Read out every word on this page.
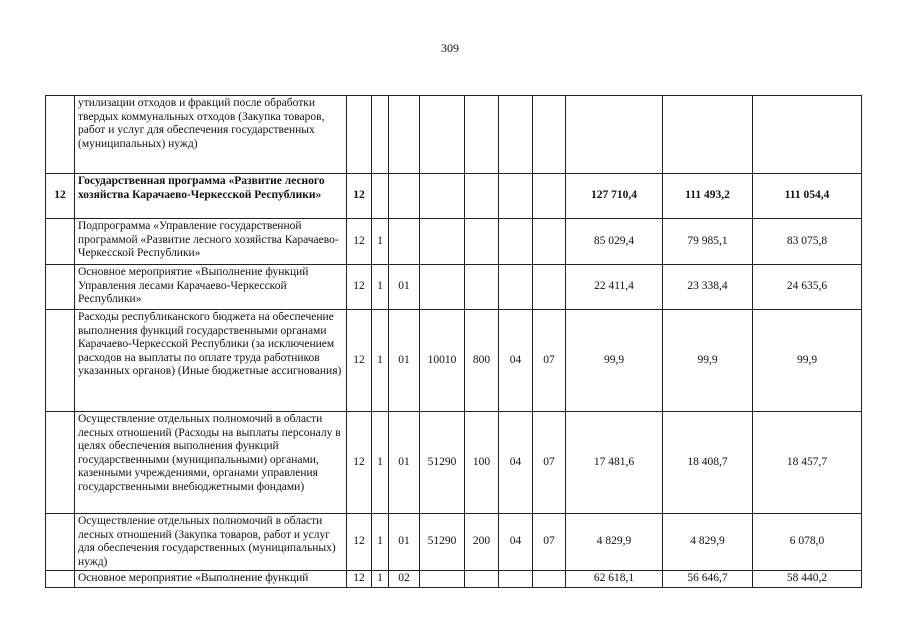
309
	утилизации отходов и фракций после обработки твердых коммунальных отходов (Закупка товаров, работ и услуг для обеспечения государственных (муниципальных) нужд)										
12	Государственная программа «Развитие лесного хозяйства Карачаево-Черкесской Республики»	12							127 710,4	111 493,2	111 054,4
	Подпрограмма «Управление государственной программой «Развитие лесного хозяйства Карачаево-Черкесской Республики»	12	1						85 029,4	79 985,1	83 075,8
	Основное мероприятие «Выполнение функций Управления лесами Карачаево-Черкесской Республики»	12	1	01					22 411,4	23 338,4	24 635,6
	Расходы республиканского бюджета на обеспечение выполнения функций государственными органами Карачаево-Черкесской Республики (за исключением расходов на выплаты по оплате труда работников указанных органов) (Иные бюджетные ассигнования)	12	1	01	10010	800	04	07	99,9	99,9	99,9
	Осуществление отдельных полномочий в области лесных отношений (Расходы на выплаты персоналу в целях обеспечения выполнения функций государственными (муниципальными) органами, казенными учреждениями, органами управления государственными внебюджетными фондами)	12	1	01	51290	100	04	07	17 481,6	18 408,7	18 457,7
	Осуществление отдельных полномочий в области лесных отношений (Закупка товаров, работ и услуг для обеспечения государственных (муниципальных) нужд)	12	1	01	51290	200	04	07	4 829,9	4 829,9	6 078,0
	Основное мероприятие «Выполнение функций	12	1	02					62 618,1	56 646,7	58 440,2
